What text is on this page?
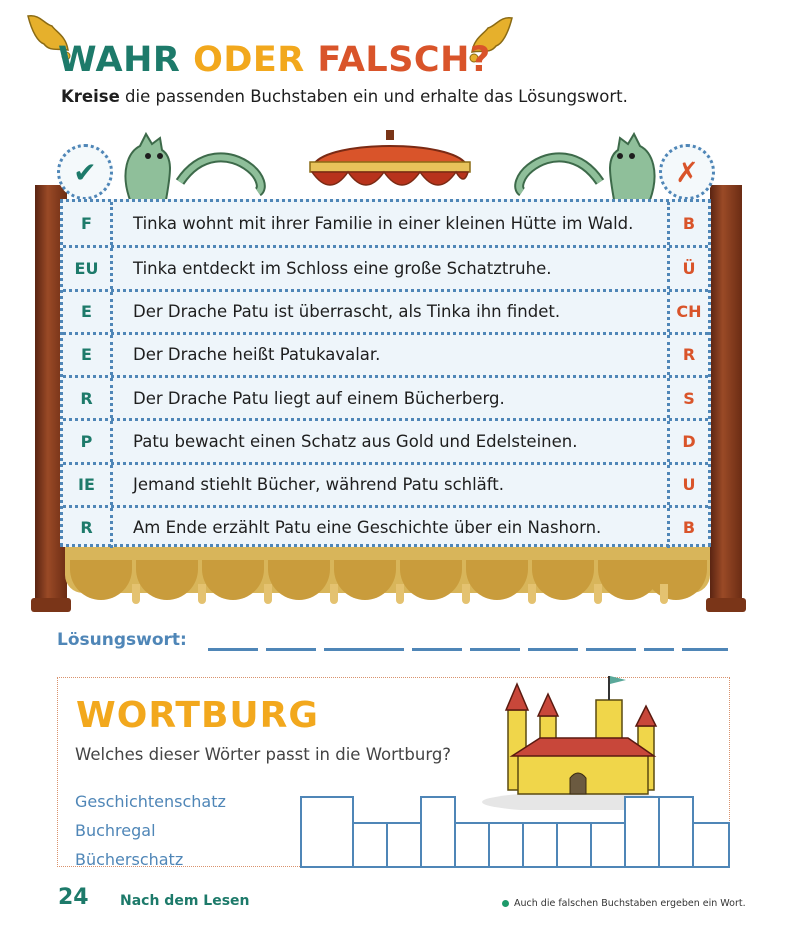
WAHR ODER FALSCH?
Kreise die passenden Buchstaben ein und erhalte das Lösungswort.
✔	✗
F	Tinka wohnt mit ihrer Familie in einer kleinen Hütte im Wald.	B
EU	Tinka entdeckt im Schloss eine große Schatztruhe.	Ü
E	Der Drache Patu ist überrascht, als Tinka ihn findet.	CH
E	Der Drache heißt Patukavalar.	R
R	Der Drache Patu liegt auf einem Bücherberg.	S
P	Patu bewacht einen Schatz aus Gold und Edelsteinen.	D
IE	Jemand stiehlt Bücher, während Patu schläft.	U
R	Am Ende erzählt Patu eine Geschichte über ein Nashorn.	B
Lösungswort:
WORTBURG
Welches dieser Wörter passt in die Wortburg?
Geschichtenschatz
Buchregal
Bücherschatz
24 Nach dem Lesen	Auch die falschen Buchstaben ergeben ein Wort.
